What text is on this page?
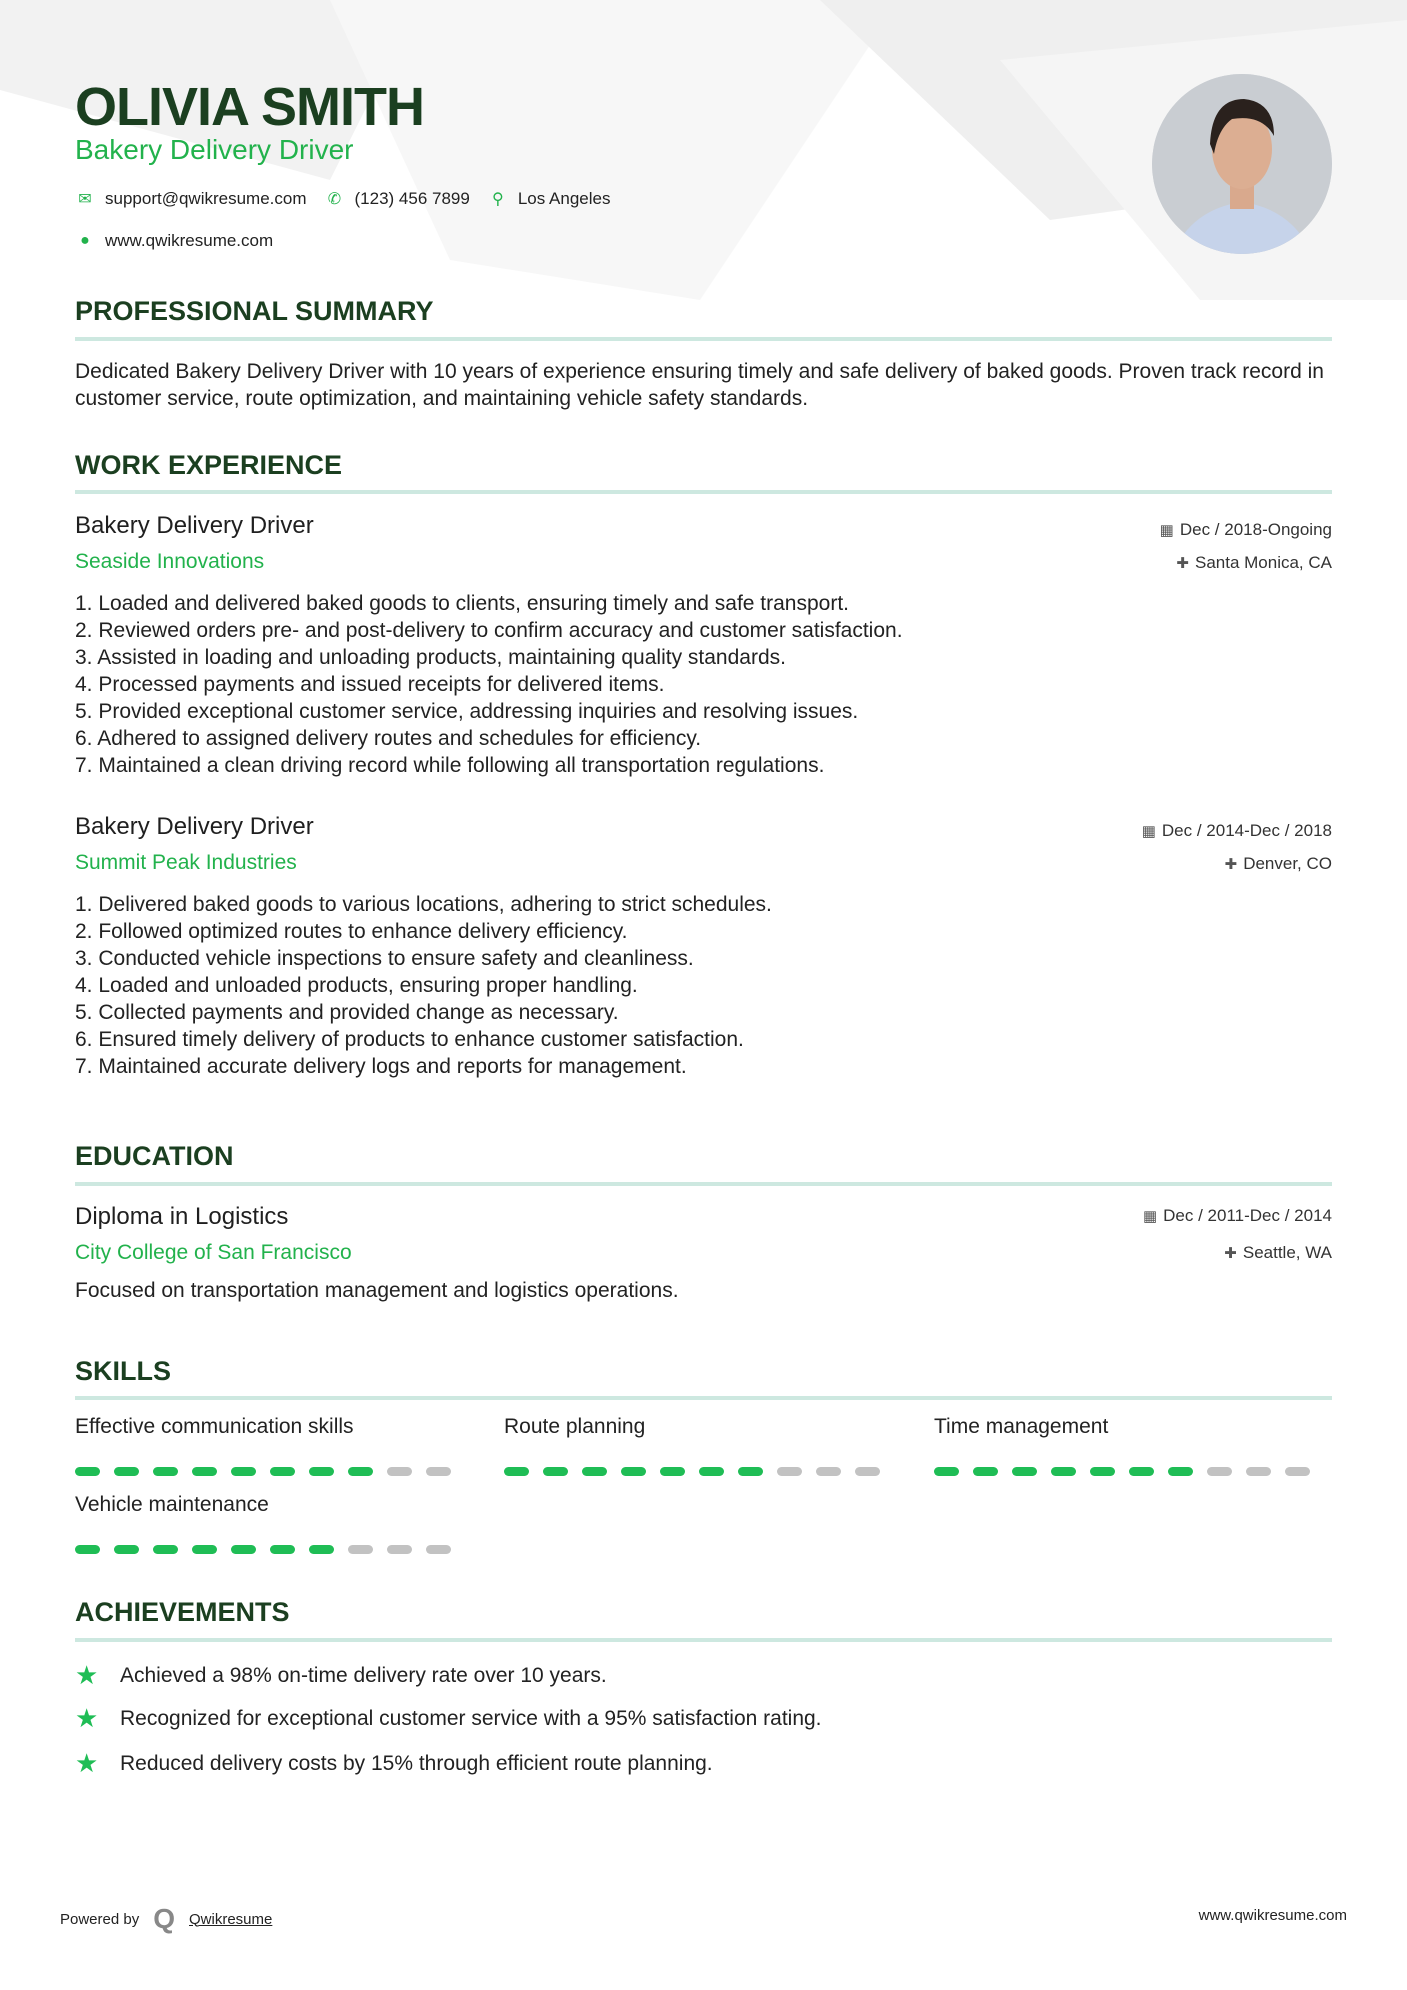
OLIVIA SMITH
Bakery Delivery Driver
✉ support@qwikresume.com ✆ (123) 456 7899 ⚲ Los Angeles
● www.qwikresume.com
PROFESSIONAL SUMMARY
Dedicated Bakery Delivery Driver with 10 years of experience ensuring timely and safe delivery of baked goods. Proven track record in customer service, route optimization, and maintaining vehicle safety standards.
WORK EXPERIENCE
Bakery Delivery Driver
Seaside Innovations
▦ Dec / 2018-Ongoing
✚ Santa Monica, CA
1. Loaded and delivered baked goods to clients, ensuring timely and safe transport.
2. Reviewed orders pre- and post-delivery to confirm accuracy and customer satisfaction.
3. Assisted in loading and unloading products, maintaining quality standards.
4. Processed payments and issued receipts for delivered items.
5. Provided exceptional customer service, addressing inquiries and resolving issues.
6. Adhered to assigned delivery routes and schedules for efficiency.
7. Maintained a clean driving record while following all transportation regulations.
Bakery Delivery Driver
Summit Peak Industries
▦ Dec / 2014-Dec / 2018
✚ Denver, CO
1. Delivered baked goods to various locations, adhering to strict schedules.
2. Followed optimized routes to enhance delivery efficiency.
3. Conducted vehicle inspections to ensure safety and cleanliness.
4. Loaded and unloaded products, ensuring proper handling.
5. Collected payments and provided change as necessary.
6. Ensured timely delivery of products to enhance customer satisfaction.
7. Maintained accurate delivery logs and reports for management.
EDUCATION
Diploma in Logistics
City College of San Francisco
▦ Dec / 2011-Dec / 2014
✚ Seattle, WA
Focused on transportation management and logistics operations.
SKILLS
Effective communication skills	Route planning	Time management
Vehicle maintenance
ACHIEVEMENTS
★	Achieved a 98% on-time delivery rate over 10 years.
★	Recognized for exceptional customer service with a 95% satisfaction rating.
★	Reduced delivery costs by 15% through efficient route planning.
Powered by Q Qwikresume	www.qwikresume.com
